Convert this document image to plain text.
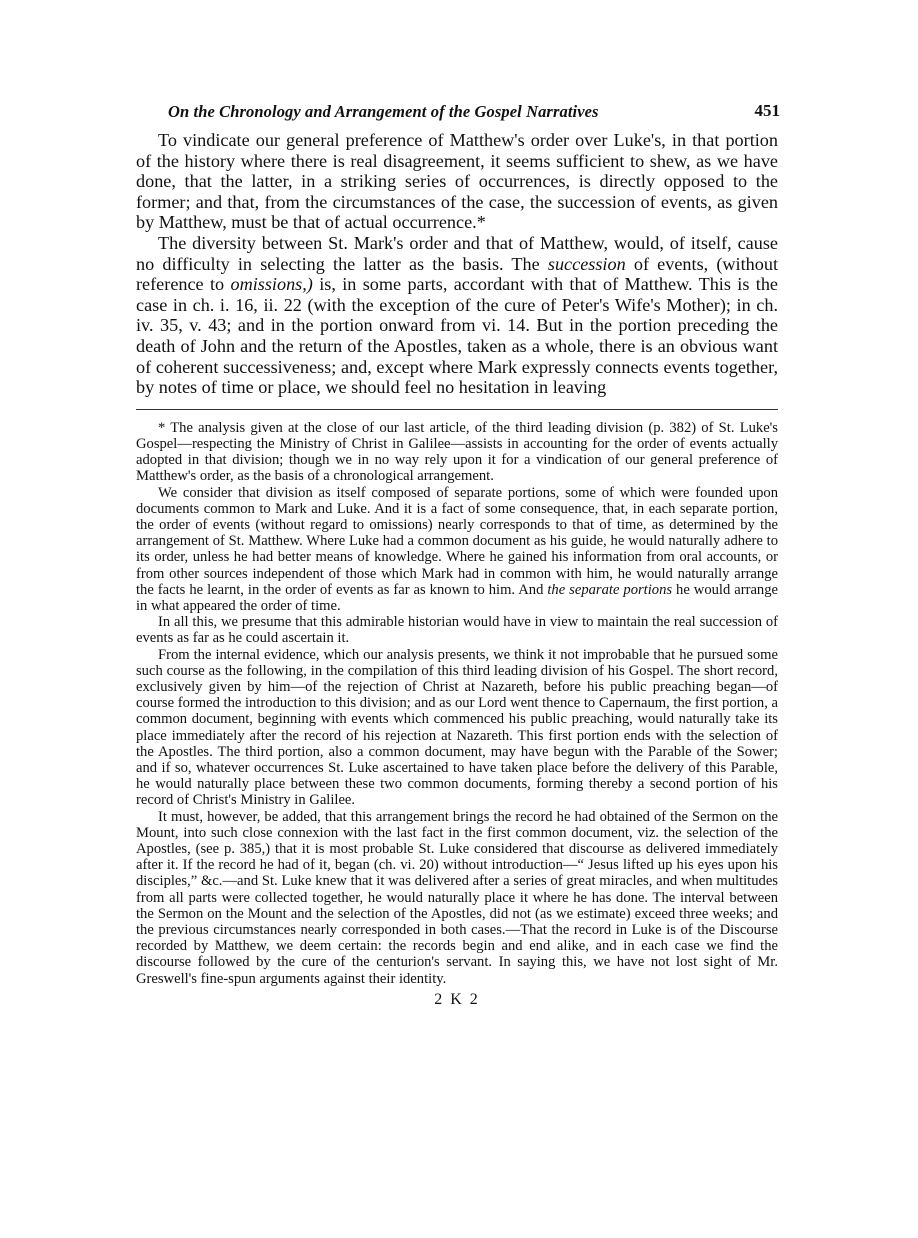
On the Chronology and Arrangement of the Gospel Narratives	451

To vindicate our general preference of Matthew's order over Luke's, in that portion of the history where there is real disagreement, it seems sufficient to shew, as we have done, that the latter, in a striking series of occurrences, is directly opposed to the former; and that, from the circumstances of the case, the succession of events, as given by Matthew, must be that of actual occurrence.*

The diversity between St. Mark's order and that of Matthew, would, of itself, cause no difficulty in selecting the latter as the basis. The succession of events, (without reference to omissions,) is, in some parts, accordant with that of Matthew. This is the case in ch. i. 16, ii. 22 (with the exception of the cure of Peter's Wife's Mother); in ch. iv. 35, v. 43; and in the portion onward from vi. 14. But in the portion preceding the death of John and the return of the Apostles, taken as a whole, there is an obvious want of coherent successiveness; and, except where Mark expressly connects events together, by notes of time or place, we should feel no hesitation in leaving

* The analysis given at the close of our last article, of the third leading division (p. 382) of St. Luke's Gospel—respecting the Ministry of Christ in Galilee—assists in accounting for the order of events actually adopted in that division; though we in no way rely upon it for a vindication of our general preference of Matthew's order, as the basis of a chronological arrangement.

We consider that division as itself composed of separate portions, some of which were founded upon documents common to Mark and Luke. And it is a fact of some consequence, that, in each separate portion, the order of events (without regard to omissions) nearly corresponds to that of time, as determined by the arrangement of St. Matthew. Where Luke had a common document as his guide, he would naturally adhere to its order, unless he had better means of knowledge. Where he gained his information from oral accounts, or from other sources independent of those which Mark had in common with him, he would naturally arrange the facts he learnt, in the order of events as far as known to him. And the separate portions he would arrange in what appeared the order of time.

In all this, we presume that this admirable historian would have in view to maintain the real succession of events as far as he could ascertain it.

From the internal evidence, which our analysis presents, we think it not improbable that he pursued some such course as the following, in the compilation of this third leading division of his Gospel. The short record, exclusively given by him—of the rejection of Christ at Nazareth, before his public preaching began—of course formed the introduction to this division; and as our Lord went thence to Capernaum, the first portion, a common document, beginning with events which commenced his public preaching, would naturally take its place immediately after the record of his rejection at Nazareth. This first portion ends with the selection of the Apostles. The third portion, also a common document, may have begun with the Parable of the Sower; and if so, whatever occurrences St. Luke ascertained to have taken place before the delivery of this Parable, he would naturally place between these two common documents, forming thereby a second portion of his record of Christ's Ministry in Galilee.

It must, however, be added, that this arrangement brings the record he had obtained of the Sermon on the Mount, into such close connexion with the last fact in the first common document, viz. the selection of the Apostles, (see p. 385,) that it is most probable St. Luke considered that discourse as delivered immediately after it. If the record he had of it, began (ch. vi. 20) without introduction—“ Jesus lifted up his eyes upon his disciples,” &c.—and St. Luke knew that it was delivered after a series of great miracles, and when multitudes from all parts were collected together, he would naturally place it where he has done. The interval between the Sermon on the Mount and the selection of the Apostles, did not (as we estimate) exceed three weeks; and the previous circumstances nearly corresponded in both cases.—That the record in Luke is of the Discourse recorded by Matthew, we deem certain: the records begin and end alike, and in each case we find the discourse followed by the cure of the centurion's servant. In saying this, we have not lost sight of Mr. Greswell's fine-spun arguments against their identity.

2 K 2
